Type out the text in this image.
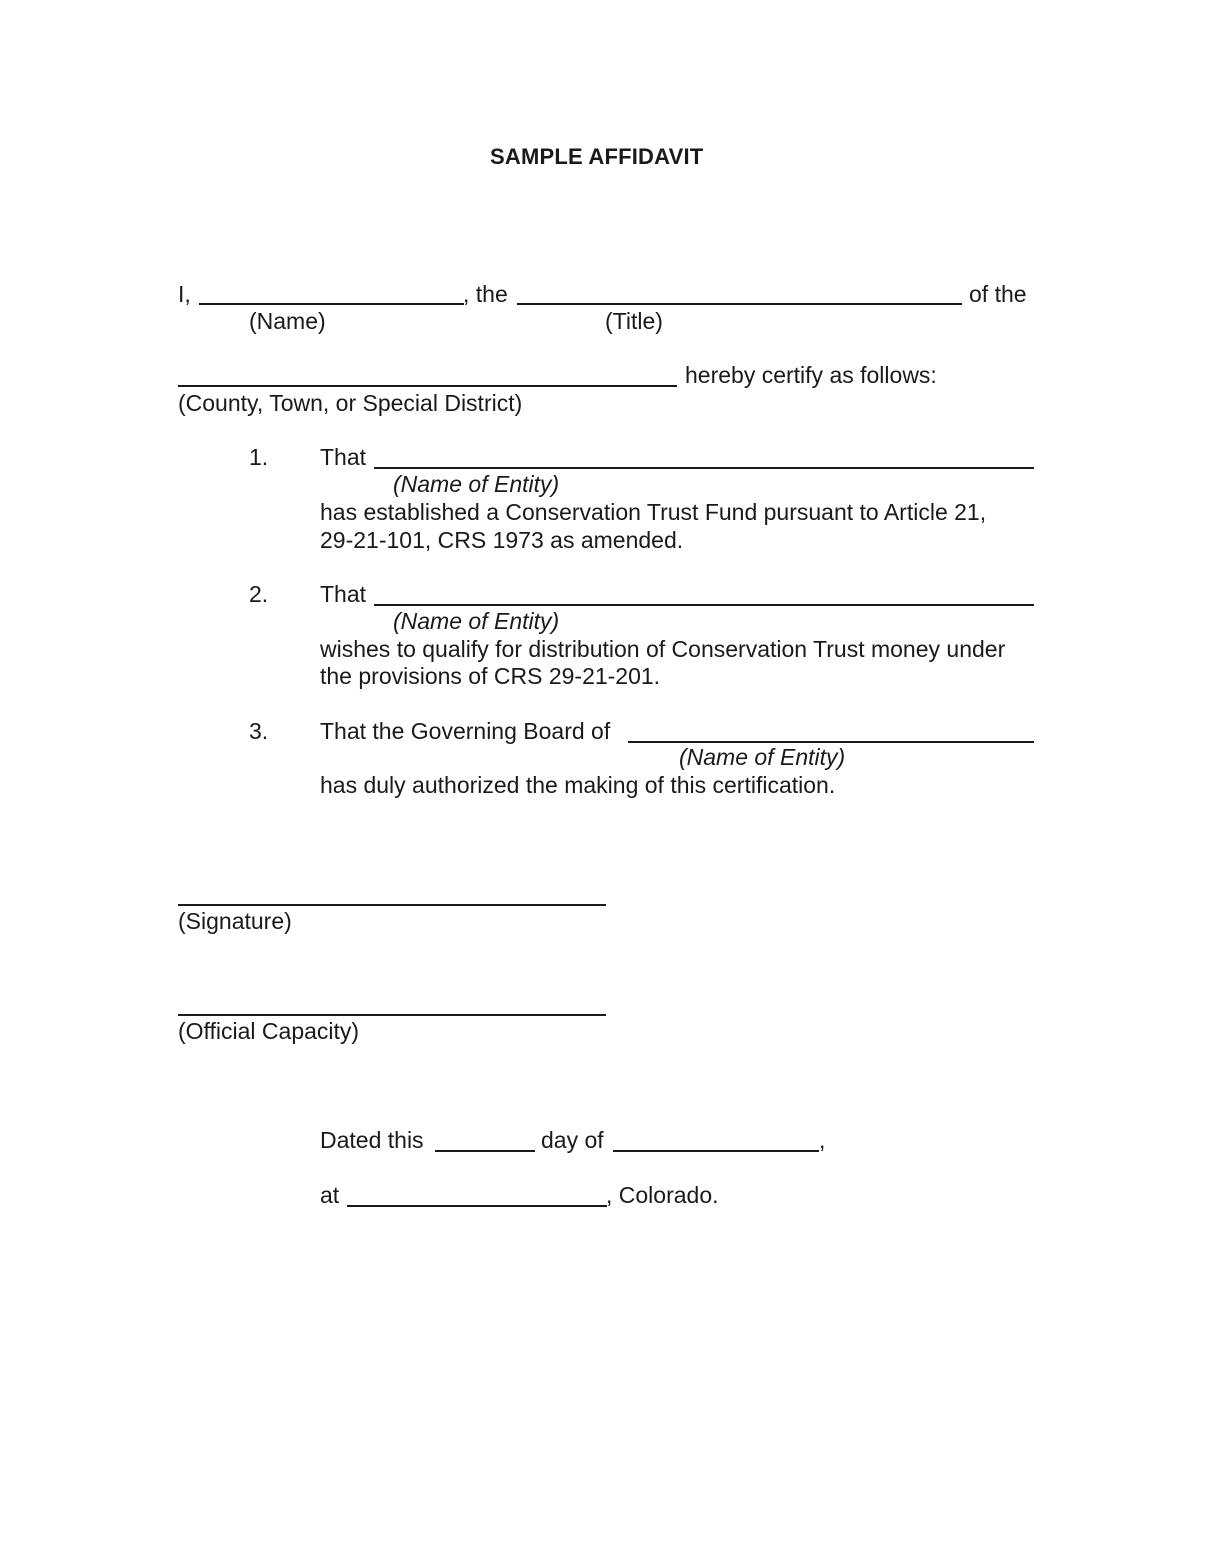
SAMPLE AFFIDAVIT
I,	, the	of the
(Name)	(Title)
hereby certify as follows:
(County, Town, or Special District)
1. That
(Name of Entity)
has established a Conservation Trust Fund pursuant to Article 21,
29-21-101, CRS 1973 as amended.
2. That
(Name of Entity)
wishes to qualify for distribution of Conservation Trust money under
the provisions of CRS 29-21-201.
3. That the Governing Board of
(Name of Entity)
has duly authorized the making of this certification.
(Signature)
(Official Capacity)
Dated this	day of	,
at	, Colorado.
